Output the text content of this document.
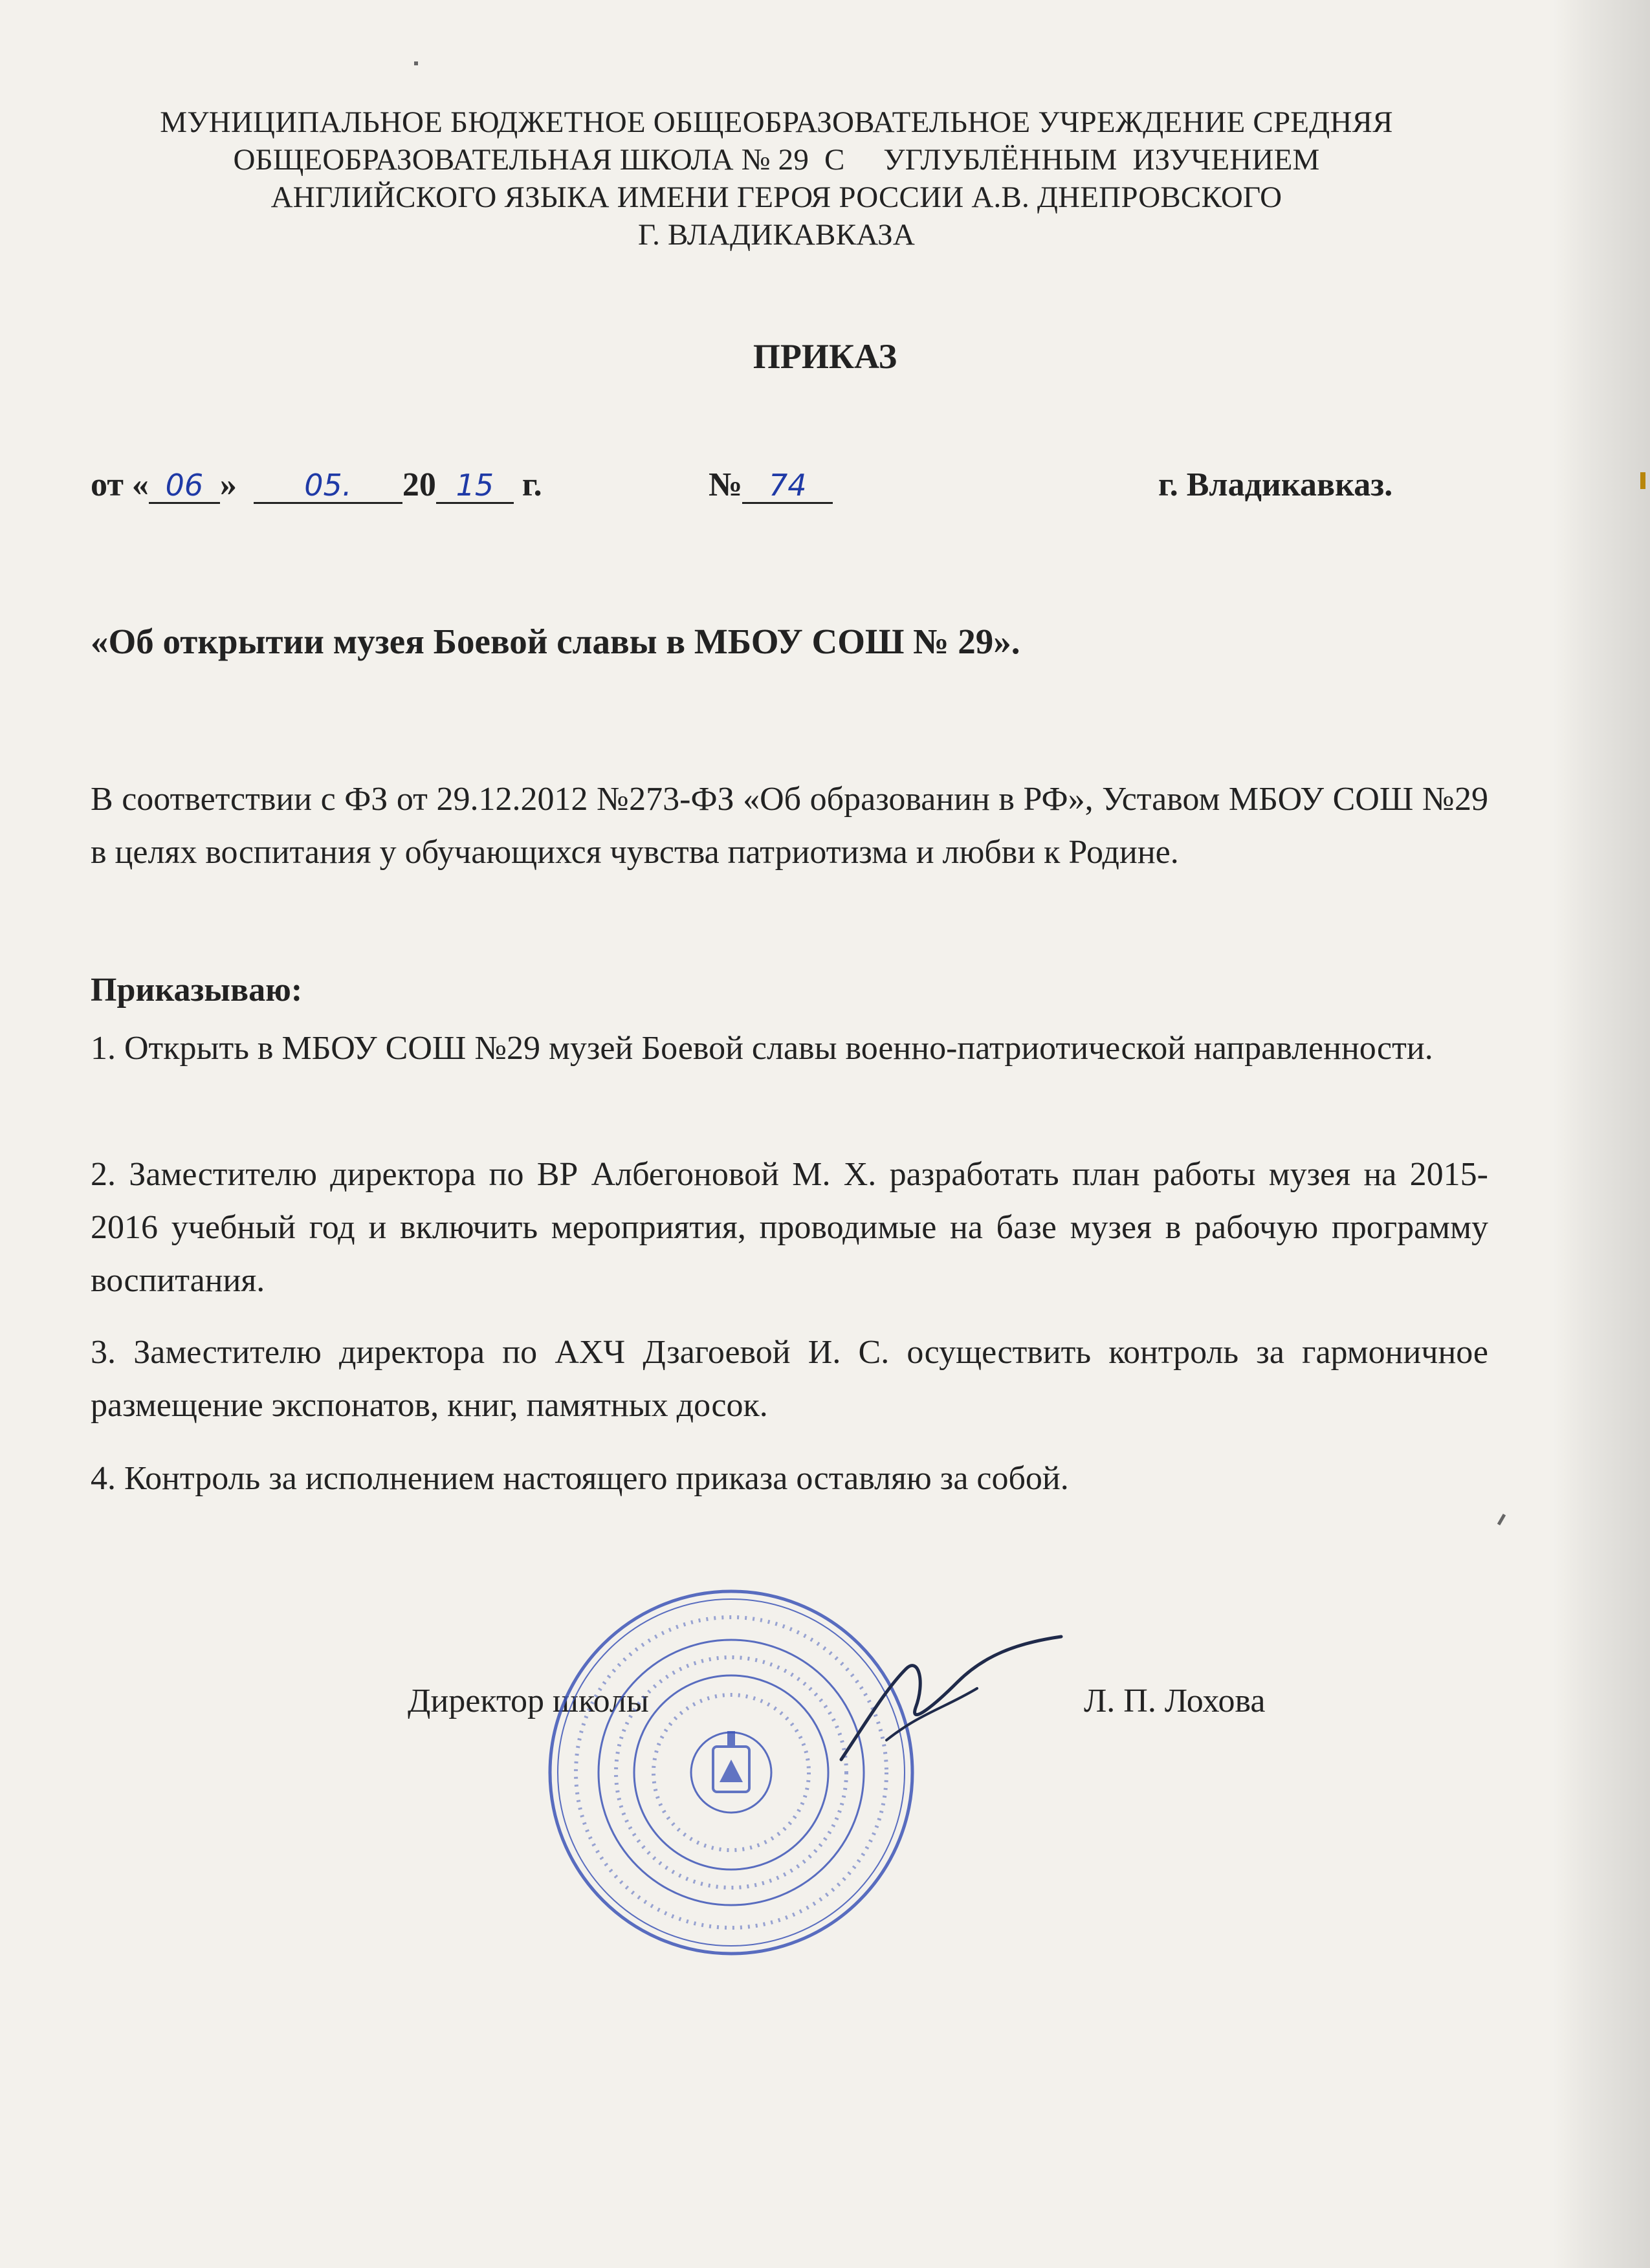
МУНИЦИПАЛЬНОЕ БЮДЖЕТНОЕ ОБЩЕОБРАЗОВАТЕЛЬНОЕ УЧРЕЖДЕНИЕ СРЕДНЯЯ
ОБЩЕОБРАЗОВАТЕЛЬНАЯ ШКОЛА № 29  С     УГЛУБЛЁННЫМ  ИЗУЧЕНИЕМ
АНГЛИЙСКОГО ЯЗЫКА ИМЕНИ ГЕРОЯ РОССИИ А.В. ДНЕПРОВСКОГО
Г. ВЛАДИКАВКАЗА
ПРИКАЗ
от « 06 » 05. 20 15 г.	№ 74	г. Владикавказ.
«Об открытии музея Боевой славы в МБОУ СОШ № 29».
В соответствии с ФЗ от 29.12.2012 №273-ФЗ «Об образованин в РФ», Уставом МБОУ СОШ №29 в целях воспитания у обучающихся чувства патриотизма и любви к Родине.
Приказываю:
1. Открыть в МБОУ СОШ №29 музей Боевой славы военно-патриотической направленности.
2. Заместителю директора по ВР Албегоновой М. Х. разработать план работы музея на 2015-2016 учебный год и включить мероприятия, проводимые на базе музея в рабочую программу воспитания.
3. Заместителю директора по АХЧ Дзагоевой И. С. осуществить контроль за гармоничное размещение экспонатов, книг, памятных досок.
4. Контроль за исполнением настоящего приказа оставляю за собой.
Директор школы	Л. П. Лохова
